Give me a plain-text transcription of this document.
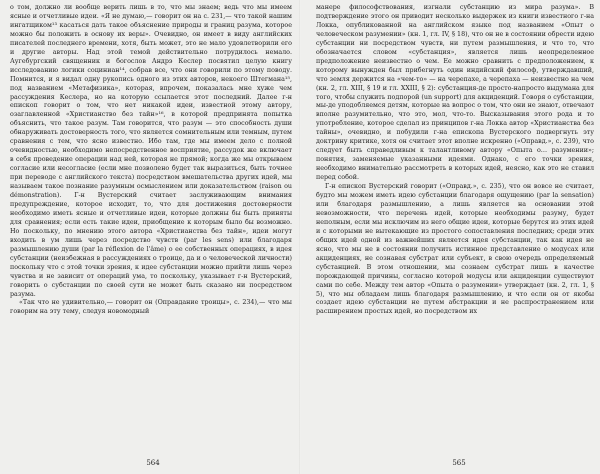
о том, должно ли вообще верить лишь в то, что мы знаем; ведь что мы имеем ясные и отчетливые идеи. «Я не думаю,— говорит он на с. 231,— что такой нашим ингатщиком¹³ касаться дать такое объяснение природы и границ разума, которое можно бы положить в основу их веры». Очевидно, он имеет в виду английских писателей последнего времени, хотя, быть может, это не мало удовлетворили его и другие авторы. Над этой темой действительно потрудилось немало. Аугебургский священник и богослов Андрэ Кеслер посвятил целую книгу исследованию логики социниан¹⁴, собрав все, что они говорили по этому поводу. Помнится, и я видал одну рукопись одного из этих авторов, некоего Штегмана¹⁵, под названием «Метафизика», которая, впрочем, показалась мне хуже чем рассуждения Кеслера, но на которую ссылается этот последний. Далее г-н епископ говорит о том, что нет никакой идеи, известной этому автору, озаглавленной «Христианство без тайн»¹⁶, в которой предпринята попытка объяснить, что такое разум. Там говорится, что разум — это способность души обнаруживать достоверность того, что является сомнительным или темным, путем сравнения с тем, что ясно известно. Ибо там, где мы имеем дело с полной очевидностью, необходимо непосредственное восприятие, рассудок же включает в себя проведение операции над ней, которая не прямой; когда же мы открываем согласие или несогласие (если мне позволено будет так выразиться, быть точнее при переводе с английского текста) посредством вмешательства других идей, мы называем такое познание разумным осмыслением или доказательством (raison ou démonstration). Г-н Вустерский считает заслуживающим внимания предупреждение, которое исходит, то, что для достижения достоверности необходимо иметь ясные и отчетливые идеи, которые должны бы быть приняты для сравнения; если есть такие идеи, приобщение к которым было бы возможно. Но поскольку, по мнению этого автора «Христианства без тайн», идеи могут входить в ум лишь через посредство чувств (par les sens) или благодаря размышлению души (par la réflexion de l'âme) о ее собственных операциях, в идея субстанции (неизбежная в рассуждениях о троице, да и о человеческой личности) поскольку что с этой точки зрения, к идее субстанции можно прийти лишь через чувства и не зависит от операций ума, то поскольку, указывает г-н Вустерский, говорить о субстанции по своей сути не может быть сказано ни посредством разума.

«Так что не удивительно,— говорит он (Оправдание троицы», с. 234),— что мы говорим на эту тему, следуя новомодный

564

манере философствования, изгнали субстанцию из мира разума». В подтверждение этого он приводит несколько выдержек из книги известного г-на Локка, опубликованной на английском языке под названием «Опыт о человеческом разумении» (кн. 1, гл. IV, § 18), что он не в состоянии обрести идею субстанции ни посредством чувств, ни путем размышления, и что то, что обозначается словом «субстанция», является лишь неопределенное предположение неизвестно о чем. Ее можно сравнить с предположением, к которому вынужден был прибегнуть один индийский философ, утверждавший, что земля держится на «чем-то» — на черепахе, а черепаха — неизвестно на чем (кн. 2, гл. XIII, § 19 и гл. XXIII, § 2): субстанция-де просто-напросто выдумана для того, чтобы служить подпорой (un support) для акциденций. Говоря о субстанции, мы-де уподобляемся детям, которые на вопрос о том, что они не знают, отвечают вполне разумительно, что это, мол, что-то. Высказывания этого рода и то употребление, которое сделал из принципов г-на Локка автор «Христианства без тайны», очевидно, и побудили г-на епископа Вустерского подвергнуть эту доктрину критике, хотя он считает этот вполне искренно («Оправд.», с. 239), что следует быть справедливым к талантливому автору «Опыта о… разумении»; понятия, заменяемые указанными идеями. Однако, с его точки зрения, необходимо внимательно рассмотреть в которых идей, неясно, как это не ставил перед собой.

Г-н епископ Вустерский говорит («Оправд.», с. 235), что он вовсе не считает, будто мы можем иметь идею субстанции благодаря ощущению (par la sensation) или благодаря размышлению, а лишь является на основании этой невозможности, что перечень идей, которые необходимы разуму, будет неполным, если мы исключим из него общие идеи, которые берутся из этих идей и с которыми не вытекающие из простого сопоставления последних; среди этих общих идей одной из важнейших является идея субстанции, так как идея не ясно, что мы не в состоянии получить истинное представление о модусах или акциденциях, не сознавая субстрат или субъект, в свою очередь определяемый субстанцией. В этом отношении, мы сознаем субстрат лишь в качестве порождающей причины, согласно которой модусы или акциденции существуют сами по себе. Между тем автор «Опыта о разумении» утверждает (кн. 2, гл. 1, § 5), что мы обладаем лишь благодаря размышлению, и что если он от якобы создает идею субстанции не путем абстракции и не распространением или расширением простых идей, но посредством их

565
